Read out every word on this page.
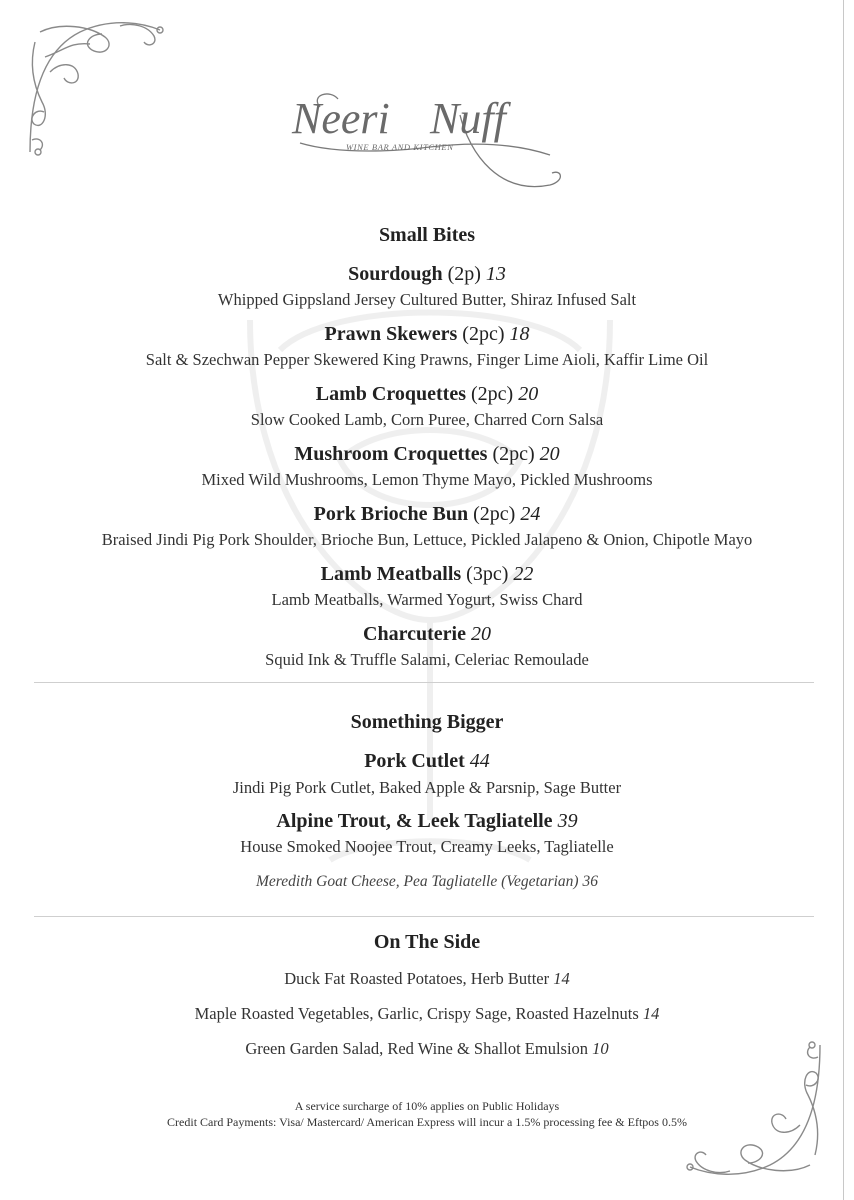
Neeri Nuff
WINE BAR AND KITCHEN
Small Bites
Sourdough (2p) 13
Whipped Gippsland Jersey Cultured Butter, Shiraz Infused Salt
Prawn Skewers (2pc) 18
Salt & Szechwan Pepper Skewered King Prawns, Finger Lime Aioli, Kaffir Lime Oil
Lamb Croquettes (2pc) 20
Slow Cooked Lamb, Corn Puree, Charred Corn Salsa
Mushroom Croquettes (2pc) 20
Mixed Wild Mushrooms, Lemon Thyme Mayo, Pickled Mushrooms
Pork Brioche Bun (2pc) 24
Braised Jindi Pig Pork Shoulder, Brioche Bun, Lettuce, Pickled Jalapeno & Onion, Chipotle Mayo
Lamb Meatballs (3pc) 22
Lamb Meatballs, Warmed Yogurt, Swiss Chard
Charcuterie 20
Squid Ink & Truffle Salami, Celeriac Remoulade
Something Bigger
Pork Cutlet 44
Jindi Pig Pork Cutlet, Baked Apple & Parsnip, Sage Butter
Alpine Trout, & Leek Tagliatelle 39
House Smoked Noojee Trout, Creamy Leeks, Tagliatelle
Meredith Goat Cheese, Pea Tagliatelle (Vegetarian) 36
On The Side
Duck Fat Roasted Potatoes, Herb Butter 14
Maple Roasted Vegetables, Garlic, Crispy Sage, Roasted Hazelnuts 14
Green Garden Salad, Red Wine & Shallot Emulsion 10
A service surcharge of 10% applies on Public Holidays
Credit Card Payments: Visa/ Mastercard/ American Express will incur a 1.5% processing fee & Eftpos 0.5%
